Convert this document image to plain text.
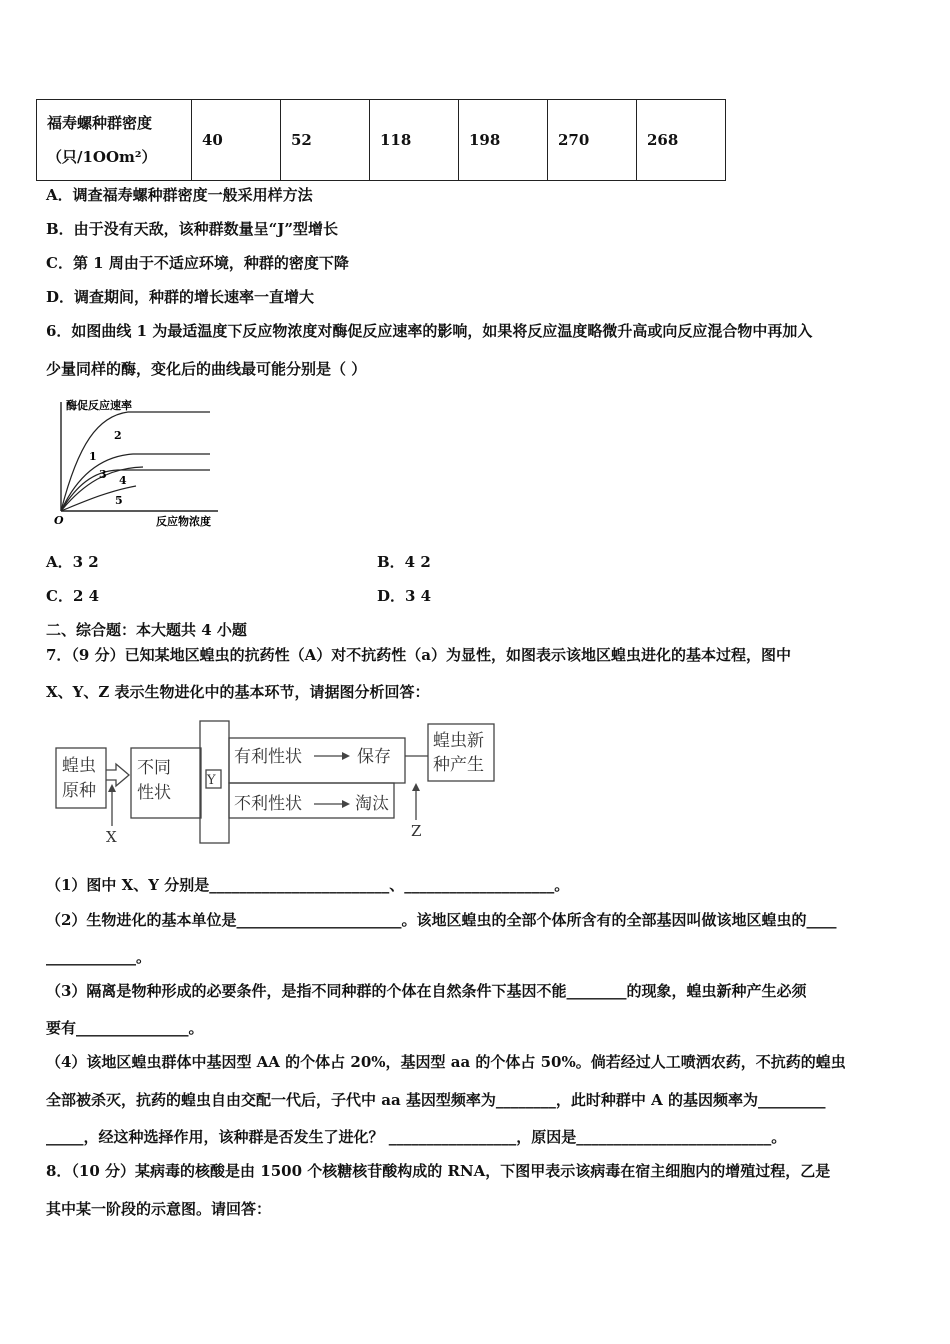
福寿螺种群密度
（只/1OOm²）
	40	52	118	198	270	268
A．调查福寿螺种群密度一般采用样方法
B．由于没有天敌，该种群数量呈“J”型增长
C．第 1 周由于不适应环境，种群的密度下降
D．调查期间，种群的增长速率一直增大
6．如图曲线 1 为最适温度下反应物浓度对酶促反应速率的影响，如果将反应温度略微升高或向反应混合物中再加入
少量同样的酶，变化后的曲线最可能分别是（ ）
酶促反应速率
反应物浓度
O
2
1
3 4
5
A．3 2	B．4 2
C．2 4	D．3 4
二、综合题：本大题共 4 小题
7．（9 分）已知某地区蝗虫的抗药性（A）对不抗药性（a）为显性，如图表示该地区蝗虫进化的基本过程，图中
X、Y、Z 表示生物进化中的基本环节，请据图分析回答：
蝗虫
原种
不同
性状
Y
有利性状	保存
不利性状	淘汰
蝗虫新
种产生
X	Z
（1）图中 X、Y 分别是________________________、____________________。
（2）生物进化的基本单位是______________________。该地区蝗虫的全部个体所含有的全部基因叫做该地区蝗虫的____
____________。
（3）隔离是物种形成的必要条件，是指不同种群的个体在自然条件下基因不能________的现象，蝗虫新种产生必须
要有_______________。
（4）该地区蝗虫群体中基因型 AA 的个体占 20%，基因型 aa 的个体占 50%。倘若经过人工喷洒农药，不抗药的蝗虫
全部被杀灭，抗药的蝗虫自由交配一代后，子代中 aa 基因型频率为________，此时种群中 A 的基因频率为_________
_____，经这种选择作用，该种群是否发生了进化？ _________________，原因是__________________________。
8．（10 分）某病毒的核酸是由 1500 个核糖核苷酸构成的 RNA，下图甲表示该病毒在宿主细胞内的增殖过程，乙是
其中某一阶段的示意图。请回答：
